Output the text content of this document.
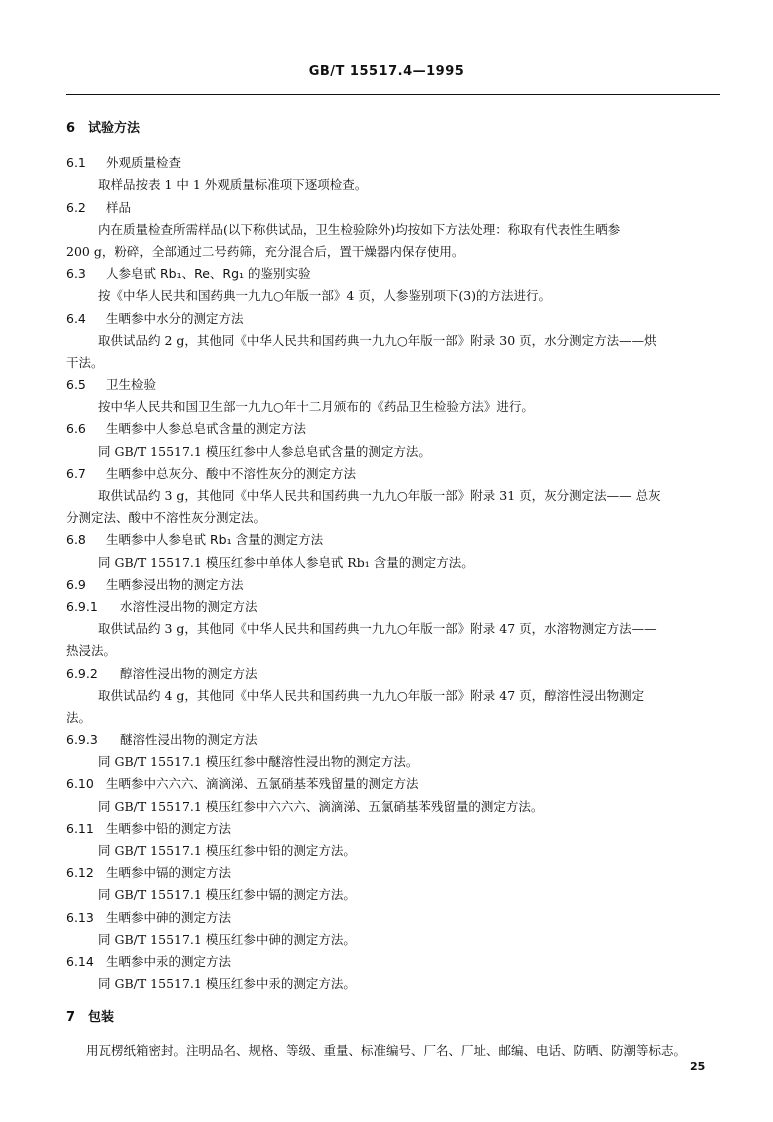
GB/T 15517.4—1995
6 试验方法
6.1 外观质量检查
取样品按表 1 中 1 外观质量标准项下逐项检查。
6.2 样品
内在质量检查所需样品(以下称供试品，卫生检验除外)均按如下方法处理：称取有代表性生晒参
200 g，粉碎，全部通过二号药筛，充分混合后，置干燥器内保存使用。
6.3 人参皂甙 Rb₁、Re、Rg₁ 的鉴别实验
按《中华人民共和国药典一九九○年版一部》4 页，人参鉴别项下(3)的方法进行。
6.4 生晒参中水分的测定方法
取供试品约 2 g，其他同《中华人民共和国药典一九九○年版一部》附录 30 页，水分测定方法——烘
干法。
6.5 卫生检验
按中华人民共和国卫生部一九九○年十二月颁布的《药品卫生检验方法》进行。
6.6 生晒参中人参总皂甙含量的测定方法
同 GB/T 15517.1 模压红参中人参总皂甙含量的测定方法。
6.7 生晒参中总灰分、酸中不溶性灰分的测定方法
取供试品约 3 g，其他同《中华人民共和国药典一九九○年版一部》附录 31 页，灰分测定法—— 总灰
分测定法、酸中不溶性灰分测定法。
6.8 生晒参中人参皂甙 Rb₁ 含量的测定方法
同 GB/T 15517.1 模压红参中单体人参皂甙 Rb₁ 含量的测定方法。
6.9 生晒参浸出物的测定方法
6.9.1 水溶性浸出物的测定方法
取供试品约 3 g，其他同《中华人民共和国药典一九九○年版一部》附录 47 页，水溶物测定方法——
热浸法。
6.9.2 醇溶性浸出物的测定方法
取供试品约 4 g，其他同《中华人民共和国药典一九九○年版一部》附录 47 页，醇溶性浸出物测定
法。
6.9.3 醚溶性浸出物的测定方法
同 GB/T 15517.1 模压红参中醚溶性浸出物的测定方法。
6.10 生晒参中六六六、滴滴涕、五氯硝基苯残留量的测定方法
同 GB/T 15517.1 模压红参中六六六、滴滴涕、五氯硝基苯残留量的测定方法。
6.11 生晒参中铅的测定方法
同 GB/T 15517.1 模压红参中铅的测定方法。
6.12 生晒参中镉的测定方法
同 GB/T 15517.1 模压红参中镉的测定方法。
6.13 生晒参中砷的测定方法
同 GB/T 15517.1 模压红参中砷的测定方法。
6.14 生晒参中汞的测定方法
同 GB/T 15517.1 模压红参中汞的测定方法。
7 包装
用瓦楞纸箱密封。注明品名、规格、等级、重量、标准编号、厂名、厂址、邮编、电话、防晒、防潮等标志。
25
